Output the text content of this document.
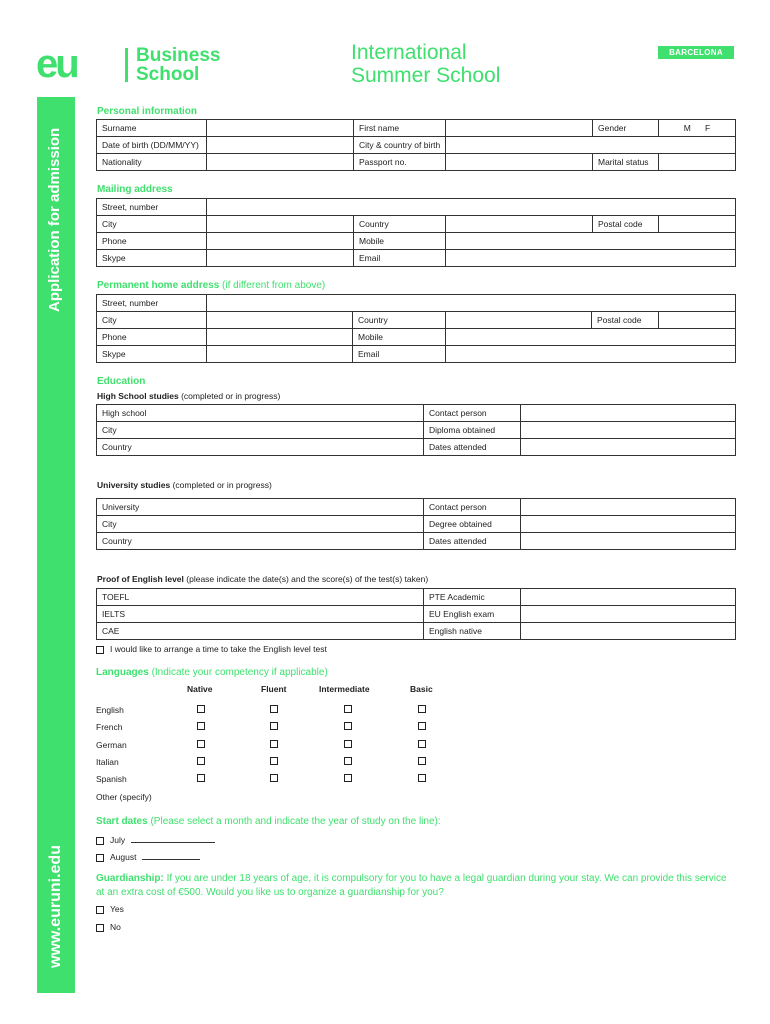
Application for admission
www.euruni.edu
eu	Business
School
International
Summer School
BARCELONA
Personal information
Surname		First name		Gender	M F
Date of birth (DD/MM/YY)		City & country of birth			
Nationality		Passport no.		Marital status	
Mailing address
Street, number					
City		Country		Postal code	
Phone		Mobile			
Skype		Email			
Permanent home address (if different from above)
Street, number					
City		Country		Postal code	
Phone		Mobile			
Skype		Email			
Education
High School studies (completed or in progress)
High school	Contact person	
City	Diploma obtained	
Country	Dates attended	
University studies (completed or in progress)
University	Contact person	
City	Degree obtained	
Country	Dates attended	
Proof of English level (please indicate the date(s) and the score(s) of the test(s) taken)
TOEFL	PTE Academic	
IELTS	EU English exam	
CAE	English native	
I would like to arrange a time to take the English level test
Languages (Indicate your competency if applicable)
Native	Fluent	Intermediate	Basic
English
French
German
Italian
Spanish
Other (specify)
Start dates (Please select a month and indicate the year of study on the line):
July
August
Guardianship: If you are under 18 years of age, it is compulsory for you to have a legal guardian during your stay. We can provide this service at an extra cost of €500. Would you like us to organize a guardianship for you?
Yes
No
